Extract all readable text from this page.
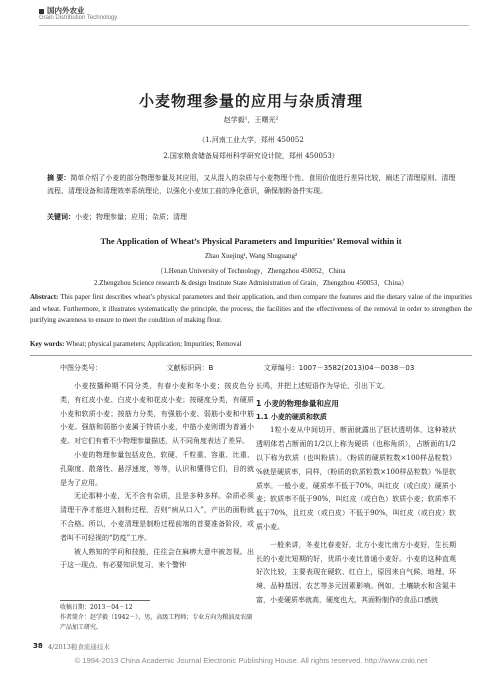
国内外农业
Grain Distribution Technology
小麦物理参量的应用与杂质清理
赵学毅¹，王曙光²
（1.河南工业大学，郑州 450052
2.国家粮食储备局郑州科学研究设计院，郑州 450053）
摘 要：简单介绍了小麦的部分物理参量及其应用，又从混入的杂质与小麦物理个性、食用价值进行差异比较，阐述了清理原则、清理流程、清理设备和清理效率系统理论，以强化小麦加工前的净化意识，确保制粉备件实现。
关键词：小麦；物理参量；应用；杂质；清理
The Application of Wheat’s Physical Parameters and Impurities’ Removal within it
Zhao Xuejing¹, Wang Shuguang²
（1.Henan University of Technology，Zhengzhou 450052，China
2.Zhengzhou Science research & design Institute State Administration of Grain，Zhengzhou 450053，China）
Abstract: This paper first describes wheat’s physical parameters and their application, and then compare the features and the dietary value of the impurities and wheat. Furthermore, it illustrates systematically the principle, the process, the facilities and the effectiveness of the removal in order to strengthen the purifying awareness to ensure to meet the condition of making flour.
Key words: Wheat; physical parameters; Application; Impurities; Removal
中图分类号：	文献标识码：B	文章编号：1007－3582(2013)04－0038－03

小麦按播种期不同分类，有春小麦和冬小麦；按皮色分类，有红皮小麦、白皮小麦和花皮小麦；按硬度分类，有硬质小麦和软质小麦；按筋力分类，有强筋小麦、弱筋小麦和中筋小麦。强筋和弱筋小麦属于特质小麦，中筋小麦则谓为普通小麦。对它们有着不少物理参量描述，从不同角度表达了差异。

小麦的物理参量包括皮色、软硬、千粒重、容重、比重、孔隙度、散落性、悬浮速度，等等，认识和懂得它们，目的就是为了应用。

无论那种小麦，无不含有杂质，且是多种多样。杂质必须清理干净才能进入制粉过程，否则“病从口入”，产出的面粉就不合格。所以，小麦清理是制粉过程前端的首要准备阶段，或者叫不可轻视的“防疫”工序。

被人熟知的学问和技能，往往会在麻痹大意中被忽视。出于这一现点，有必要知识复习，来个警钟

长鸣，并把上述短语作为导论，引出下文。
1 小麦的物理参量和应用
1.1 小麦的硬质和软质

1粒小麦从中间切开，断面就露出了胚状透明体，这种玻状透明体若占断面的1/2以上称为硬质（也称角质），占断面的1/2以下称为软质（也叫粉质）。（粉质的硬质粒数×100样品粒数）%就是硬质率，同样，（粉质的软质粒数×100样品粒数）%是软质率。一般小麦，硬质率不低于70%，叫红皮（或白皮）硬质小麦；软质率不低于90%，叫红皮（或白色）软质小麦；软质率不低于70%，且红皮（或白皮）不低于90%，叫红皮（或白皮）软质小麦。

一般来讲，冬麦比春麦好，北方小麦比南方小麦好，生长期长的小麦比短期的好，优质小麦比普通小麦好。小麦的这种直观好次比较，主要表现在硬软、红白上，原因来自气候、地理、环境、品种基因、农艺等多元因素影响。例如，土壤缺水和含氮丰富，小麦硬质率就高，硬度也大，其面粉制作的食品口感就

收稿日期：2013－04－12
作者简介：赵学毅（1942－），男，高级工程师；专业方向为粮油及农副产品加工研究。
38 4/2013粮食流通技术
© 1994-2013 China Academic Journal Electronic Publishing House. All rights reserved. http://www.cnki.net
